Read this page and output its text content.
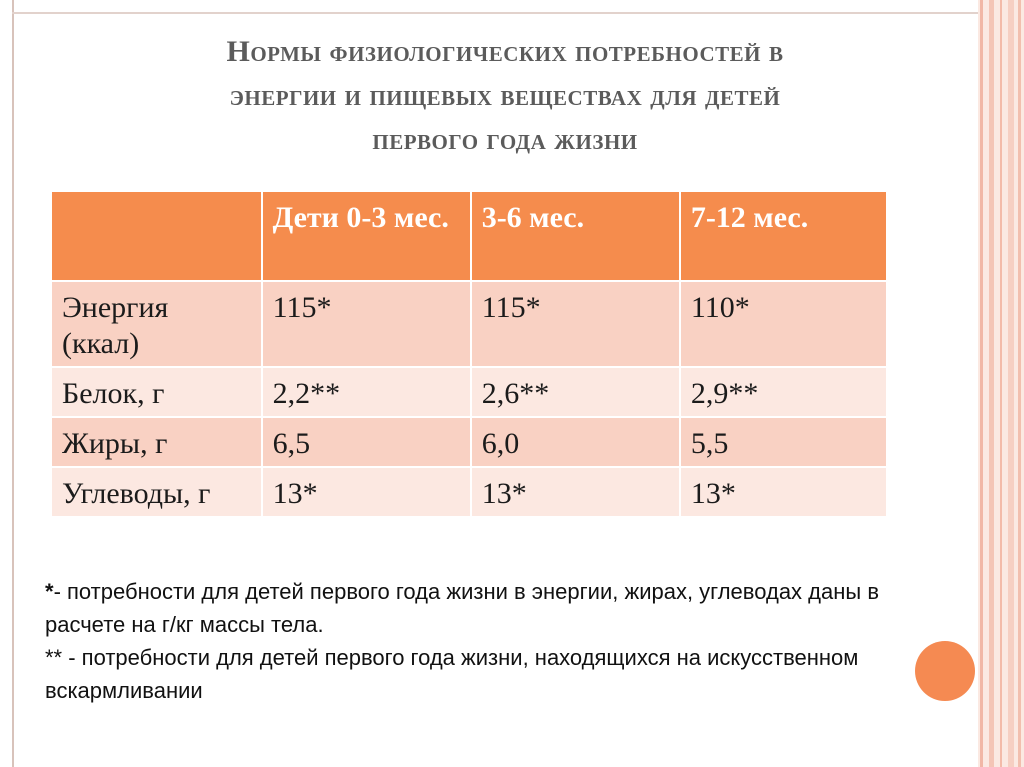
Нормы физиологических потребностей в
энергии и пищевых веществах для детей
первого года жизни
	Дети 0-3 мес.	3-6 мес.	7-12 мес.
Энергия (ккал)	115*	115*	110*
Белок, г	2,2**	2,6**	2,9**
Жиры, г	6,5	6,0	5,5
Углеводы, г	13*	13*	13*

*- потребности для детей первого года жизни в энергии, жирах, углеводах даны в расчете на г/кг массы тела.

** - потребности для детей первого года жизни, находящихся на искусственном вскармливании
